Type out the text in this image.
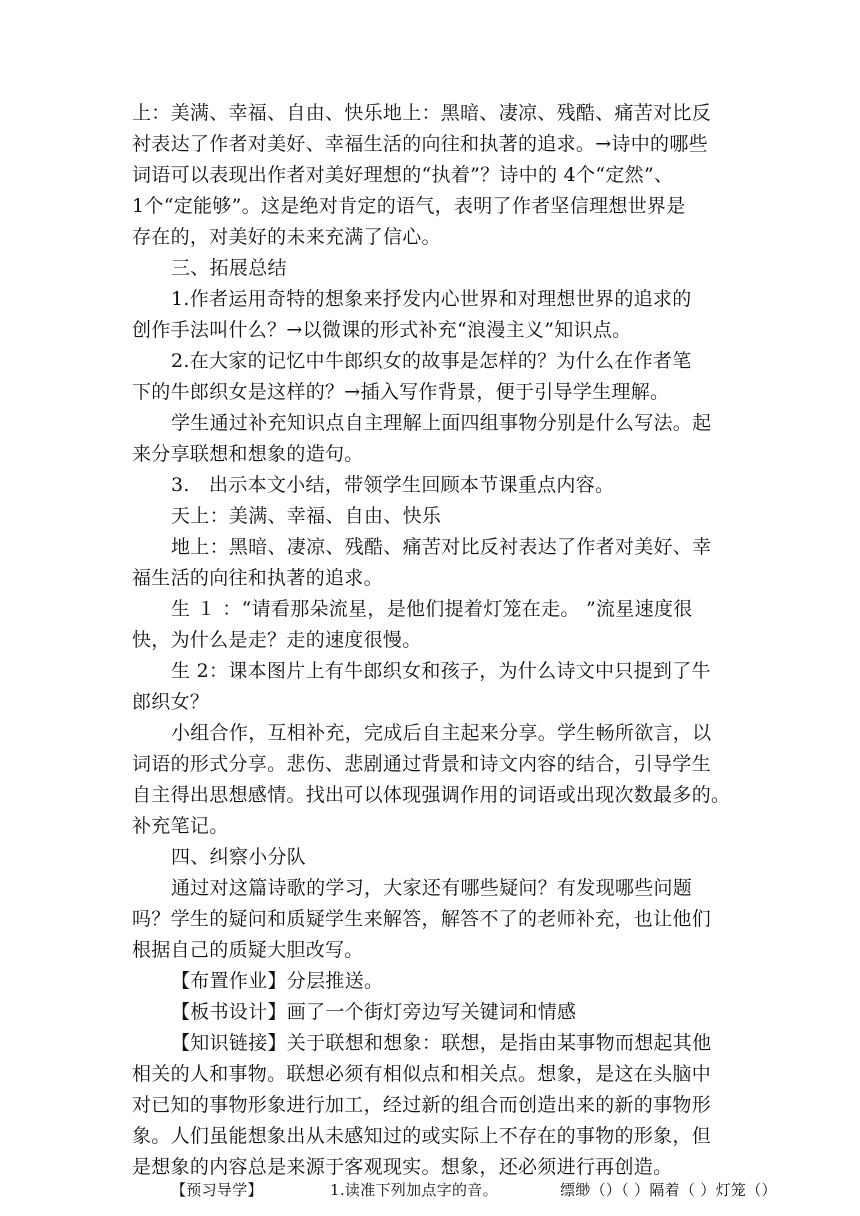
上：美满、幸福、自由、快乐地上：黑暗、凄凉、残酷、痛苦对比反
衬表达了作者对美好、幸福生活的向往和执著的追求。→诗中的哪些
词语可以表现出作者对美好理想的“执着”？诗中的 4个“定然”、
1个“定能够”。这是绝对肯定的语气，表明了作者坚信理想世界是
存在的，对美好的未来充满了信心。
三、拓展总结
1.作者运用奇特的想象来抒发内心世界和对理想世界的追求的
创作手法叫什么？→以微课的形式补充“浪漫主义”知识点。
2.在大家的记忆中牛郎织女的故事是怎样的？为什么在作者笔
下的牛郎织女是这样的？→插入写作背景，便于引导学生理解。
学生通过补充知识点自主理解上面四组事物分别是什么写法。起
来分享联想和想象的造句。
3.　出示本文小结，带领学生回顾本节课重点内容。
天上：美满、幸福、自由、快乐
地上：黑暗、凄凉、残酷、痛苦对比反衬表达了作者对美好、幸
福生活的向往和执著的追求。
生 １ ：“请看那朵流星，是他们提着灯笼在走。 ”流星速度很
快，为什么是走？走的速度很慢。
生 2：课本图片上有牛郎织女和孩子，为什么诗文中只提到了牛
郎织女？
小组合作，互相补充，完成后自主起来分享。学生畅所欲言，以
词语的形式分享。悲伤、悲剧通过背景和诗文内容的结合，引导学生
自主得出思想感情。找出可以体现强调作用的词语或出现次数最多的。
补充笔记。
四、纠察小分队
通过对这篇诗歌的学习，大家还有哪些疑问？有发现哪些问题
吗？学生的疑问和质疑学生来解答，解答不了的老师补充，也让他们
根据自己的质疑大胆改写。
【布置作业】分层推送。
【板书设计】画了一个街灯旁边写关键词和情感
【知识链接】关于联想和想象：联想，是指由某事物而想起其他
相关的人和事物。联想必须有相似点和相关点。想象，是这在头脑中
对已知的事物形象进行加工，经过新的组合而创造出来的新的事物形
象。人们虽能想象出从未感知过的或实际上不存在的事物的形象，但
是想象的内容总是来源于客观现实。想象，还必须进行再创造。
【预习导学】	1.读准下列加点字的音。	缥缈（）（ ）隔着（ ）灯笼（）
